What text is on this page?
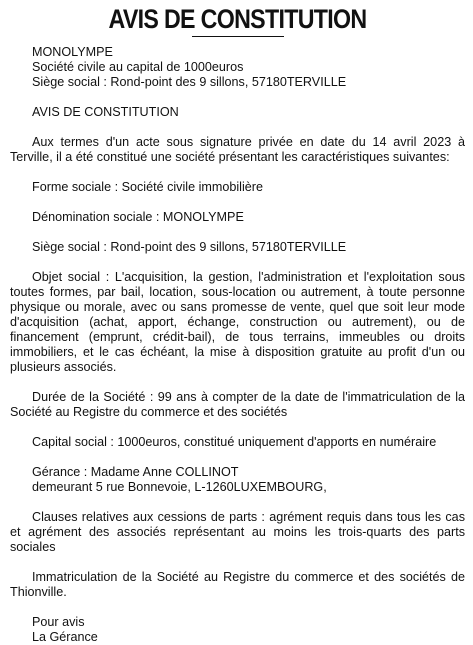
AVIS DE CONSTITUTION
MONOLYMPE
Société civile au capital de 1000euros
Siège social : Rond-point des 9 sillons, 57180TERVILLE
AVIS DE CONSTITUTION

Aux termes d'un acte sous signature privée en date du 14 avril 2023 à Terville, il a été constitué une société présentant les caractéristiques suivantes:

Forme sociale : Société civile immobilière

Dénomination sociale : MONOLYMPE

Siège social : Rond-point des 9 sillons, 57180TERVILLE

Objet social : L'acquisition, la gestion, l'administration et l'exploitation sous toutes formes, par bail, location, sous-location ou autrement, à toute personne physique ou morale, avec ou sans promesse de vente, quel que soit leur mode d'acquisition (achat, apport, échange, construction ou autrement), ou de financement (emprunt, crédit-bail), de tous terrains, immeubles ou droits immobiliers, et le cas échéant, la mise à disposition gratuite au profit d'un ou plusieurs associés.

Durée de la Société : 99 ans à compter de la date de l'immatriculation de la Société au Registre du commerce et des sociétés

Capital social : 1000euros, constitué uniquement d'apports en numéraire

Gérance : Madame Anne COLLINOT
demeurant 5 rue Bonnevoie, L-1260LUXEMBOURG,

Clauses relatives aux cessions de parts : agrément requis dans tous les cas et agrément des associés représentant au moins les trois-quarts des parts sociales

Immatriculation de la Société au Registre du commerce et des sociétés de Thionville.

Pour avis
La Gérance
